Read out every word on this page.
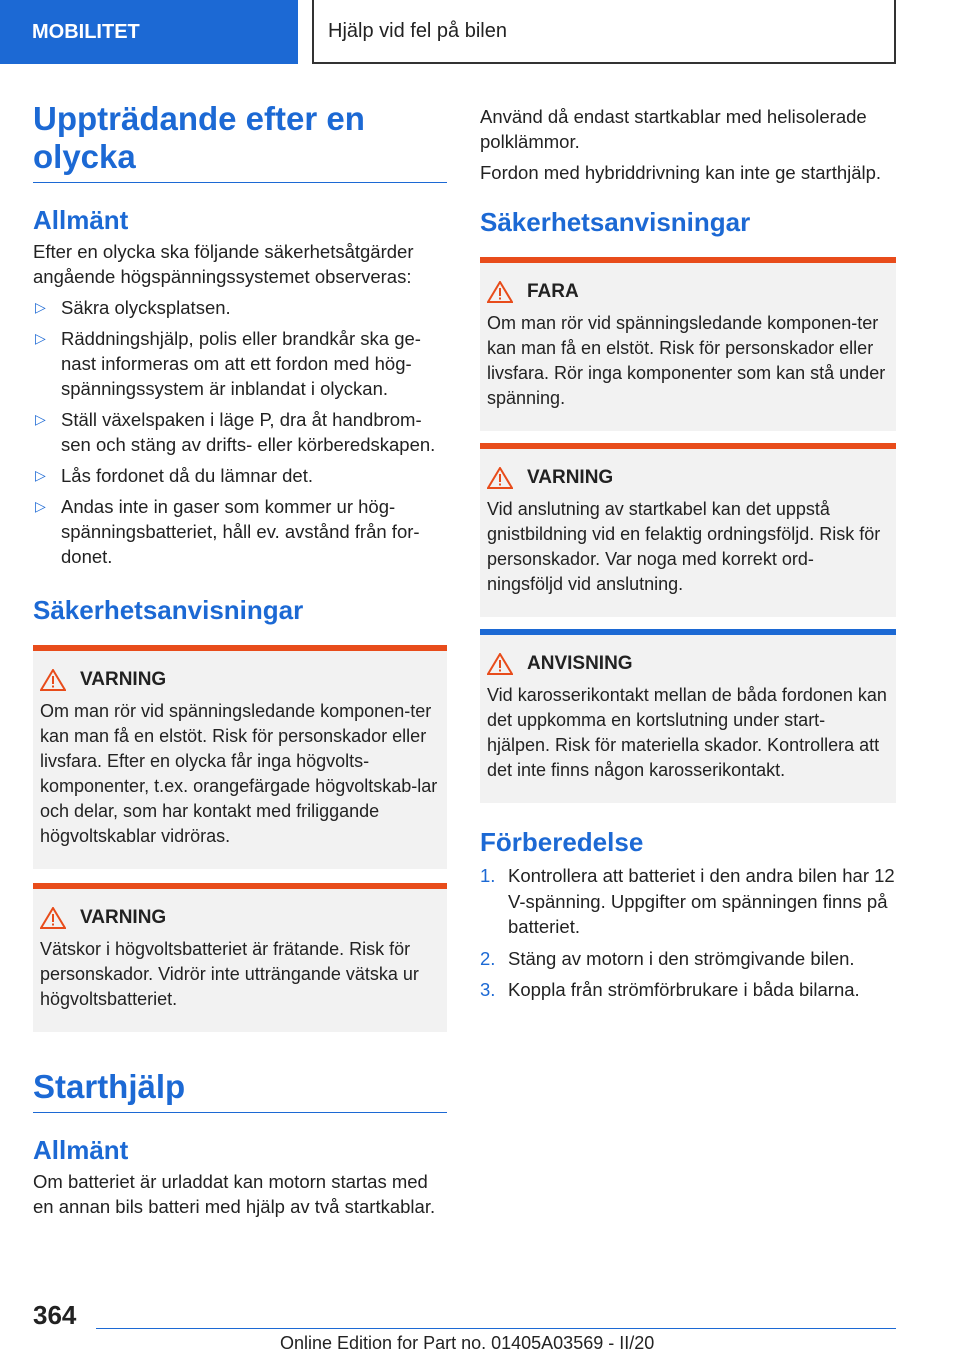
MOBILITET	Hjälp vid fel på bilen
Uppträdande efter en olycka
Allmänt

Efter en olycka ska följande säkerhetsåtgärder angående högspänningssystemet observeras:

▷ Säkra olycksplatsen.
▷ Räddningshjälp, polis eller brandkår ska ge-nast informeras om att ett fordon med hög-spänningssystem är inblandat i olyckan.
▷ Ställ växelspaken i läge P, dra åt handbrom-sen och stäng av drifts- eller körberedskapen.
▷ Lås fordonet då du lämnar det.
▷ Andas inte in gaser som kommer ur hög-spänningsbatteriet, håll ev. avstånd från for-donet.
Säkerhetsanvisningar
VARNING

Om man rör vid spänningsledande komponen-ter kan man få en elstöt. Risk för personskador eller livsfara. Efter en olycka får inga högvolts-komponenter, t.ex. orangefärgade högvoltskab-lar och delar, som har kontakt med friliggande högvoltskablar vidröras.

VARNING

Vätskor i högvoltsbatteriet är frätande. Risk för personskador. Vidrör inte utträngande vätska ur högvoltsbatteriet.

Starthjälp
Allmänt

Om batteriet är urladdat kan motorn startas med en annan bils batteri med hjälp av två startkablar.

Använd då endast startkablar med helisolerade polklämmor.

Fordon med hybriddrivning kan inte ge starthjälp.

Säkerhetsanvisningar
FARA

Om man rör vid spänningsledande komponen-ter kan man få en elstöt. Risk för personskador eller livsfara. Rör inga komponenter som kan stå under spänning.

VARNING

Vid anslutning av startkabel kan det uppstå gnistbildning vid en felaktig ordningsföljd. Risk för personskador. Var noga med korrekt ord-ningsföljd vid anslutning.

ANVISNING

Vid karosserikontakt mellan de båda fordonen kan det uppkomma en kortslutning under start-hjälpen. Risk för materiella skador. Kontrollera att det inte finns någon karosserikontakt.

Förberedelse
1. Kontrollera att batteriet i den andra bilen har 12 V-spänning. Uppgifter om spänningen finns på batteriet.
2. Stäng av motorn i den strömgivande bilen.
3. Koppla från strömförbrukare i båda bilarna.
364
Online Edition for Part no. 01405A03569 - II/20
